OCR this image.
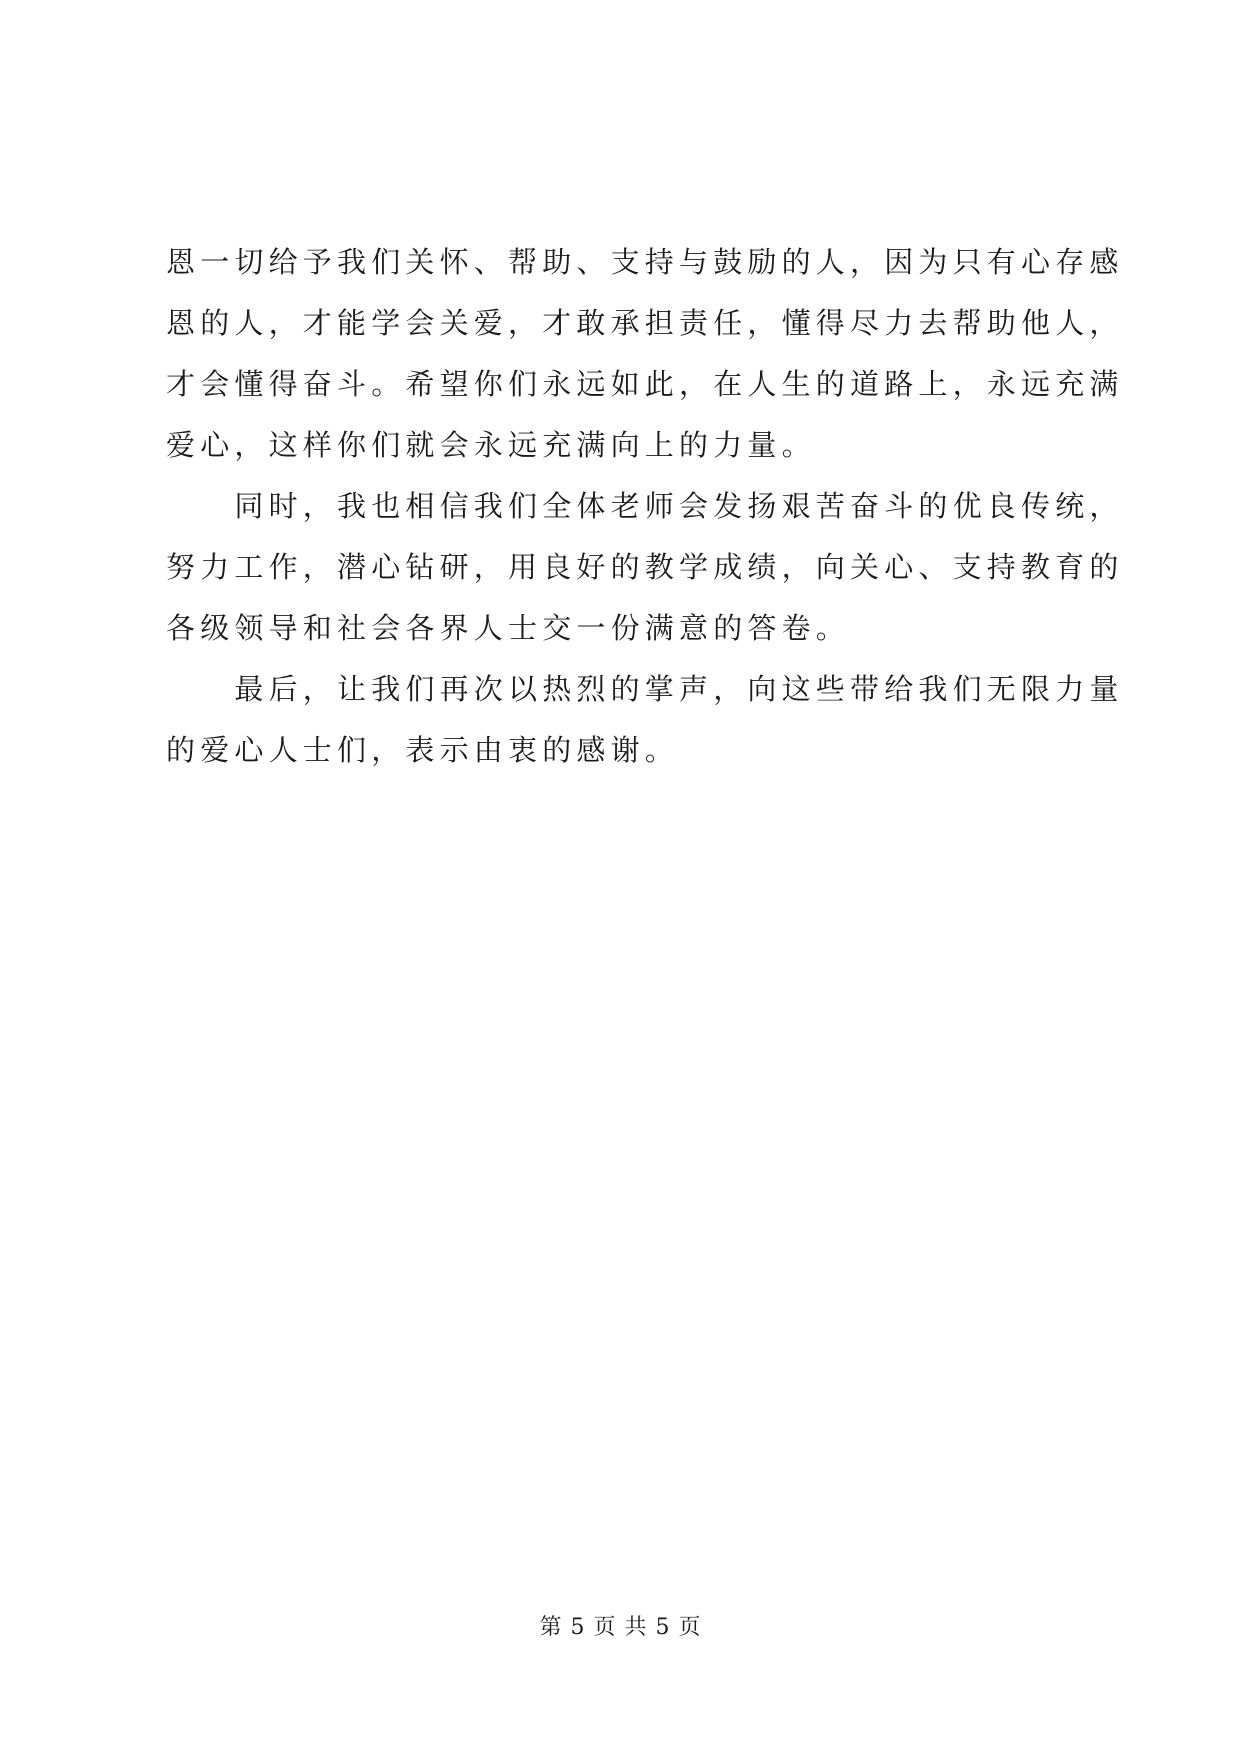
恩一切给予我们关怀、帮助、支持与鼓励的人，因为只有心存感
恩的人，才能学会关爱，才敢承担责任，懂得尽力去帮助他人，
才会懂得奋斗。希望你们永远如此，在人生的道路上，永远充满
爱心，这样你们就会永远充满向上的力量。
　　同时，我也相信我们全体老师会发扬艰苦奋斗的优良传统，
努力工作，潜心钻研，用良好的教学成绩，向关心、支持教育的
各级领导和社会各界人士交一份满意的答卷。
　　最后，让我们再次以热烈的掌声，向这些带给我们无限力量
的爱心人士们，表示由衷的感谢。
第 5 页 共 5 页
